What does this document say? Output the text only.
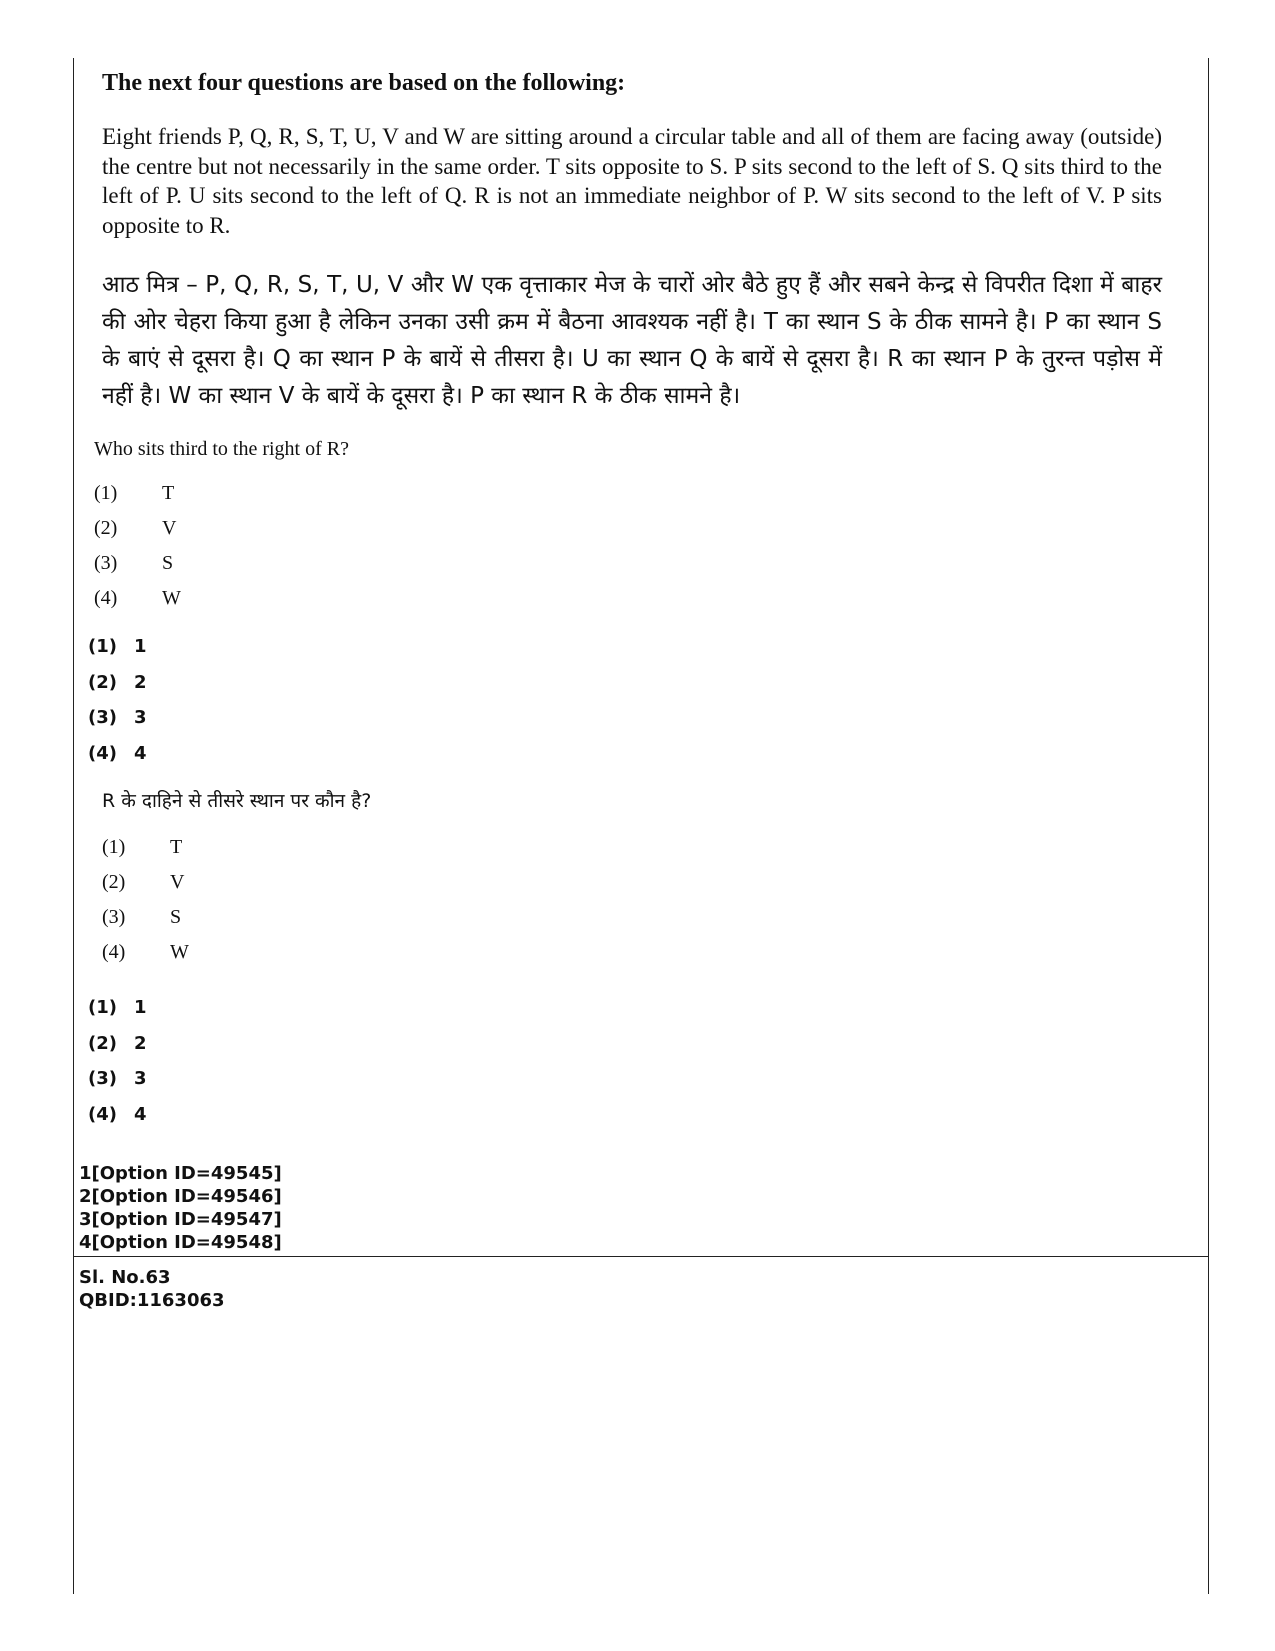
The next four questions are based on the following:
Eight friends P, Q, R, S, T, U, V and W are sitting around a circular table and all of them are facing away (outside) the centre but not necessarily in the same order. T sits opposite to S. P sits second to the left of S. Q sits third to the left of P. U sits second to the left of Q. R is not an immediate neighbor of P. W sits second to the left of V. P sits opposite to R.
आठ मित्र – P, Q, R, S, T, U, V और W एक वृत्ताकार मेज के चारों ओर बैठे हुए हैं और सबने केन्द्र से विपरीत दिशा में बाहर की ओर चेहरा किया हुआ है लेकिन उनका उसी क्रम में बैठना आवश्यक नहीं है। T का स्थान S के ठीक सामने है। P का स्थान S के बाएं से दूसरा है। Q का स्थान P के बायें से तीसरा है। U का स्थान Q के बायें से दूसरा है। R का स्थान P के तुरन्त पड़ोस में नहीं है। W का स्थान V के बायें के दूसरा है। P का स्थान R के ठीक सामने है।
Who sits third to the right of R?
(1)	T
(2)	V
(3)	S
(4)	W
(1) 1
(2) 2
(3) 3
(4) 4
R के दाहिने से तीसरे स्थान पर कौन है?
(1)	T
(2)	V
(3)	S
(4)	W
(1) 1
(2) 2
(3) 3
(4) 4
1[Option ID=49545]
2[Option ID=49546]
3[Option ID=49547]
4[Option ID=49548]
Sl. No.63
QBID:1163063
